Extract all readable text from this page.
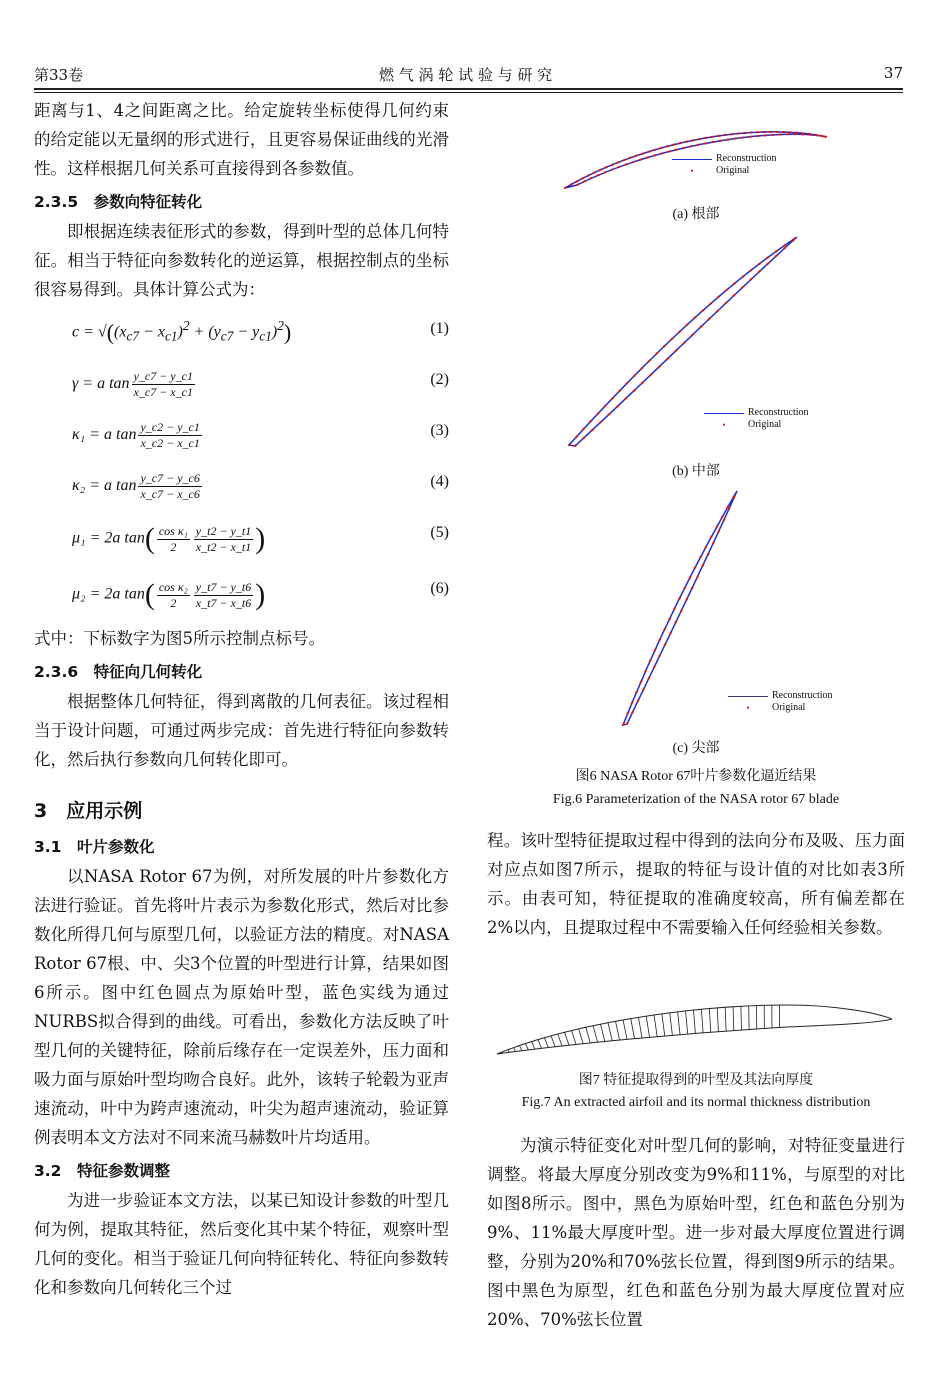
第33卷	燃 气 涡 轮 试 验 与 研 究	37

距离与1、4之间距离之比。给定旋转坐标使得几何约束的给定能以无量纲的形式进行，且更容易保证曲线的光滑性。这样根据几何关系可直接得到各参数值。

2.3.5　参数向特征转化

即根据连续表征形式的参数，得到叶型的总体几何特征。相当于特征向参数转化的逆运算，根据控制点的坐标很容易得到。具体计算公式为：

$c = √((x_{c7} - x_{c1})^2 + (y_{c7} - y_{c1})^2)$	(1)
γ = a $\tan \frac{y\_c7 - y\_c1}{x\_c7 - x\_c1}$	(2)
κ₁ = a $\tan \frac{y\_c2 - y\_c1}{x\_c2 - x\_c1}$	(3)
κ₂ = a $\tan \frac{y\_c7 - y\_c6}{x\_c7 - x\_c6}$	(4)
μ₁ = 2a $\tan( \frac{\text{cos κ₁}}{2} \frac{y\_t2 - y\_t1}{x\_t2 - x\_t1}$ )	(5)
μ₂ = 2a $\tan( \frac{\text{cos κ₂}}{2} \frac{y\_t7 - y\_t6}{x\_t7 - x\_t6}$ )	(6)

式中：下标数字为图5所示控制点标号。

2.3.6　特征向几何转化

根据整体几何特征，得到离散的几何表征。该过程相当于设计问题，可通过两步完成：首先进行特征向参数转化，然后执行参数向几何转化即可。

3　应用示例
3.1　叶片参数化

以NASA Rotor 67为例，对所发展的叶片参数化方法进行验证。首先将叶片表示为参数化形式，然后对比参数化所得几何与原型几何，以验证方法的精度。对NASA Rotor 67根、中、尖3个位置的叶型进行计算，结果如图6所示。图中红色圆点为原始叶型，蓝色实线为通过NURBS拟合得到的曲线。可看出，参数化方法反映了叶型几何的关键特征，除前后缘存在一定误差外，压力面和吸力面与原始叶型均吻合良好。此外，该转子轮毂为亚声速流动，叶中为跨声速流动，叶尖为超声速流动，验证算例表明本文方法对不同来流马赫数叶片均适用。

3.2　特征参数调整

为进一步验证本文方法，以某已知设计参数的叶型几何为例，提取其特征，然后变化其中某个特征，观察叶型几何的变化。相当于验证几何向特征转化、特征向参数转化和参数向几何转化三个过

Reconstruction
•	Original
Reconstruction
•	Original
Reconstruction
•	Original
(a) 根部
(b) 中部
(c) 尖部
图6 NASA Rotor 67叶片参数化逼近结果
Fig.6 Parameterization of the NASA rotor 67 blade

程。该叶型特征提取过程中得到的法向分布及吸、压力面对应点如图7所示，提取的特征与设计值的对比如表3所示。由表可知，特征提取的准确度较高，所有偏差都在2%以内，且提取过程中不需要输入任何经验相关参数。

图7 特征提取得到的叶型及其法向厚度
Fig.7 An extracted airfoil and its normal thickness distribution

为演示特征变化对叶型几何的影响，对特征变量进行调整。将最大厚度分别改变为9%和11%，与原型的对比如图8所示。图中，黑色为原始叶型，红色和蓝色分别为9%、11%最大厚度叶型。进一步对最大厚度位置进行调整，分别为20%和70%弦长位置，得到图9所示的结果。图中黑色为原型，红色和蓝色分别为最大厚度位置对应20%、70%弦长位置
